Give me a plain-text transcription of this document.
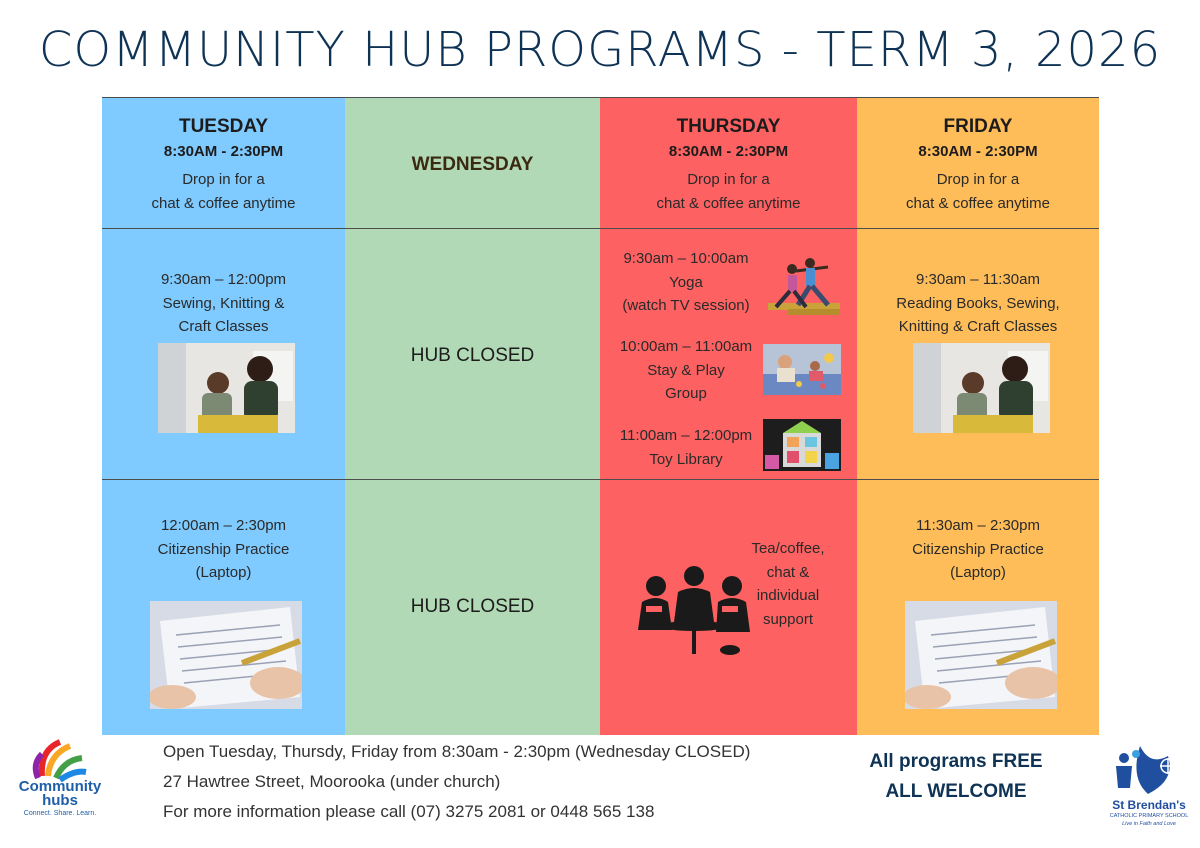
COMMUNITY HUB PROGRAMS - TERM 3, 2026
TUESDAY
8:30AM - 2:30PM
Drop in for a
chat & coffee anytime
WEDNESDAY
THURSDAY
8:30AM - 2:30PM
Drop in for a
chat & coffee anytime
FRIDAY
8:30AM - 2:30PM
Drop in for a
chat & coffee anytime
9:30am – 12:00pm
Sewing, Knitting &
Craft Classes
HUB CLOSED
9:30am – 10:00am
Yoga
(watch TV session)
10:00am – 11:00am
Stay & Play
Group
11:00am – 12:00pm
Toy Library
9:30am – 11:30am
Reading Books, Sewing,
Knitting & Craft Classes
12:00am – 2:30pm
Citizenship Practice
(Laptop)
HUB CLOSED
Tea/coffee,
chat &
individual
support
11:30am – 2:30pm
Citizenship Practice
(Laptop)
Open Tuesday, Thursdy, Friday from 8:30am - 2:30pm (Wednesday CLOSED)
27 Hawtree Street, Moorooka (under church)
For more information please call (07) 3275 2081 or 0448 565 138
All programs FREE
ALL WELCOME
Community
hubs
Connect. Share. Learn.
St Brendan's
CATHOLIC PRIMARY SCHOOL
Live in Faith and Love
